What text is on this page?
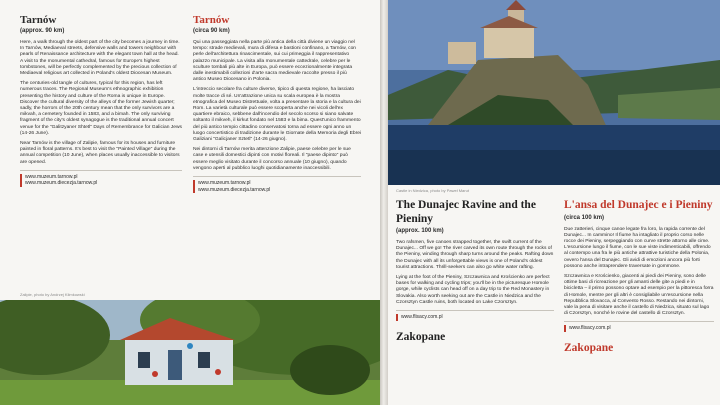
Tarnów
(approx. 90 km)

Here, a walk through the oldest part of the city becomes a journey in time. In Tarnów, Mediaeval streets, defensive walls and towers neighbour with pearls of Renaissance architecture with the elegant town hall at the head. A visit to the monumental cathedral, famous for Europe's highest tombstones, will be perfectly complemented by the precious collection of Mediaeval religious art collected in Poland's oldest Diocesan Museum.

The centuries-old tangle of cultures, typical for this region, has left numerous traces. The Regional Museum's ethnographic exhibition presenting the history and culture of the Roma is unique in Europe. Discover the cultural diversity of the alleys of the former Jewish quarter; sadly, the horrors of the 20th century mean that the only survivors are a mikvah, a cemetery founded in 1583, and a bimah. The only surviving fragment of the city's oldest synagogue is the traditional annual concert venue for the "Galitzyaner Shtetl" Days of Remembrance for Galician Jews (14-26 June).

Near Tarnów is the village of Zalipie, famous for its houses and furniture painted in floral patterns. It's best to visit the "Painted Village" during the annual competition (10 June), when places usually inaccessible to visitors are opened.

www.muzeum.tarnow.pl
www.muzeum.diecezja.tarnow.pl
Tarnów
(circa 90 km)

Qui una passeggiata nella parte più antica della città diviene un viaggio nel tempo: strade medievali, mura di difesa e bastioni confinano, a Tarnów, con perle dell'architettura rinascimentale, sui cui primeggia il rappresentativo palazzo municipale. La visita alla monumentale cattedrale, celebre per le sculture tombali più alte in Europa, può essere eccezionalmente integrata dalle inestimabili collezioni d'arte sacra medievale raccolte presso il più antico Museo Diocesano in Polonia.

L'intreccio secolare fra culture diverse, tipico di questa regione, ha lasciato molte tracce di sé. Un'attrazione unica su scala europea è la mostra etnografica del Museo Distrettuale, volta a presentare la storia e la cultura dei Rom. La varietà culturale può essere scoperta anche nei vicoli dell'ex quartiere ebraico, sebbene dall'incendio del secolo scorso si siano salvate soltanto il mikveh, il kirkut fondato nel 1583 e la bima. Quest'unico frammento del più antico tempio cittadino conservatosi torna ad essere ogni anno un luogo concertistico di tradizione durante le Giornate della Memoria degli Ebrei Galiziani "Galicjaner Sztetl" (14-26 giugno).

Nei dintorni di Tarnów merita attenzione Zalipie, paese celebre per le sue case e utensili domestici dipinti con motivi floreali. Il "paese dipinto" può essere meglio visitato durante il concorso annuale (10 giugno), quando vengono aperti al pubblico luoghi quotidianamente inaccessibili.

www.muzeum.tarnow.pl
www.muzeum.diecezja.tarnow.pl
Zalipie, photo by Andrzej Klimkowski
Castle in Niedzica, photo by Paweł Marut
The Dunajec Ravine and the Pieniny
(approx. 100 km)

Two rafsmen, five canoes strapped together, the swift current of the Dunajec... Off we go! The river carved its own route through the rocks of the Pieniny, winding through sharp turns around the peaks. Rafting down the Dunajec with all its unforgettable views is one of Poland's oldest tourist attractions. Thrill-seekers can also go white water rafting.

Lying at the foot of the Pieniny, Szczawnica and Krościenko are perfect bases for walking and cycling trips; you'll be in the picturesque Homole gorge, while cyclists can head off on a day trip to the Red Monastery in Slovakia. Also worth seeking out are the Castle in Niedzica and the Czorsztyn Castle ruins, both located on Lake Czorsztyn.

www.flisacy.com.pl
Zakopane
L'ansa del Dunajec e i Pieniny
(circa 100 km)

Due zatterieri, cinque canoe legate fra loro, la rapida corrente del Dunajec... In cammino! Il fiume ha intagliato il proprio corso nelle rocce dei Pieniny, serpeggiando con curve strette attorno alle cime. L'escursione lungo il fiume, con le sue viste indimenticabili, offrendo al contempo una fra le più antiche attrattive turistiche della Polonia, ovvero l'ansa del Dunajec. Gli avidi di emozioni ancora più forti possono anche intraprendere traversate in gommone.

Szczawnica e Krościenko, giacenti ai piedi dei Pieniny, sono delle ottime basi di ricreazione per gli amanti delle gite a piedi e in bicicletta – il primo possono optare ad esempio per la pittoresca forra di Homole, mentre per gli altri è consigliabile un'escursione nella Repubblica Slovacca, al Convento Rosso. Restando nei dintorni, vale la pena di visitare anche il castello di Niedzica, situato sul lago di Czorsztyn, nonché le rovine del castello di Czorsztyn.

www.flisacy.com.pl
Zakopane
